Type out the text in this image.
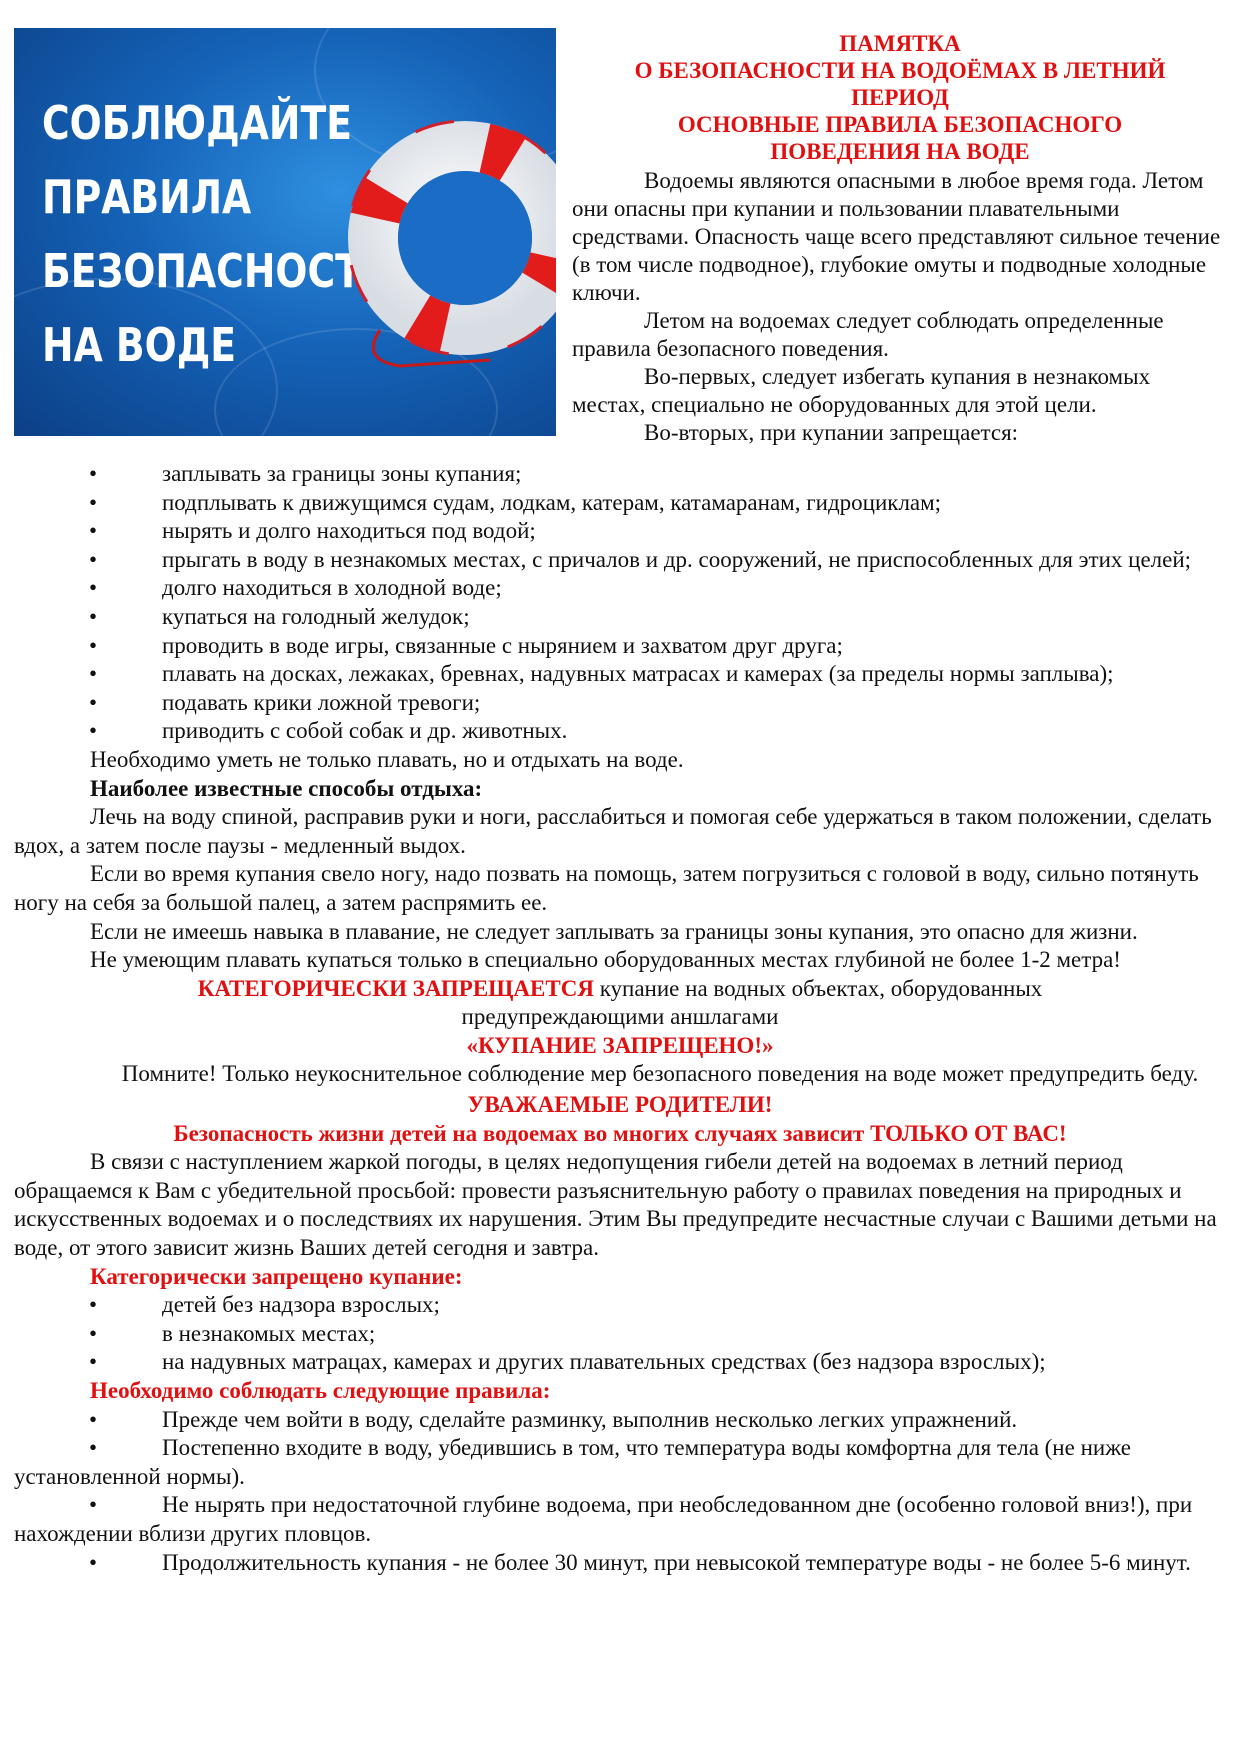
СОБЛЮДАЙТЕ
ПРАВИЛА
БЕЗОПАСНОСТИ
НА ВОДЕ
ПАМЯТКА
О БЕЗОПАСНОСТИ НА ВОДОЁМАХ В ЛЕТНИЙ
ПЕРИОД
ОСНОВНЫЕ ПРАВИЛА БЕЗОПАСНОГО
ПОВЕДЕНИЯ НА ВОДЕ
Водоемы являются опасными в любое время года. Летом они опасны при купании и пользовании плавательными средствами. Опасность чаще всего представляют сильное течение (в том числе подводное), глубокие омуты и подводные холодные ключи.
Летом на водоемах следует соблюдать определенные правила безопасного поведения.
Во-первых, следует избегать купания в незнакомых местах, специально не оборудованных для этой цели.
Во-вторых, при купании запрещается:
•	заплывать за границы зоны купания;
•	подплывать к движущимся судам, лодкам, катерам, катамаранам, гидроциклам;
•	нырять и долго находиться под водой;
•	прыгать в воду в незнакомых местах, с причалов и др. сооружений, не приспособленных для этих целей;
•	долго находиться в холодной воде;
•	купаться на голодный желудок;
•	проводить в воде игры, связанные с нырянием и захватом друг друга;
•	плавать на досках, лежаках, бревнах, надувных матрасах и камерах (за пределы нормы заплыва);
•	подавать крики ложной тревоги;
•	приводить с собой собак и др. животных.

Необходимо уметь не только плавать, но и отдыхать на воде.

Наиболее известные способы отдыха:

Лечь на воду спиной, расправив руки и ноги, расслабиться и помогая себе удержаться в таком положении, сделать вдох, а затем после паузы - медленный выдох.

Если во время купания свело ногу, надо позвать на помощь, затем погрузиться с головой в воду, сильно потянуть ногу на себя за большой палец, а затем распрямить ее.

Если не имеешь навыка в плавание, не следует заплывать за границы зоны купания, это опасно для жизни.

Не умеющим плавать купаться только в специально оборудованных местах глубиной не более 1-2 метра!

КАТЕГОРИЧЕСКИ ЗАПРЕЩАЕТСЯ купание на водных объектах, оборудованных
предупреждающими аншлагами
«КУПАНИЕ ЗАПРЕЩЕНО!»
Помните! Только неукоснительное соблюдение мер безопасного поведения на воде может предупредить беду.
УВАЖАЕМЫЕ РОДИТЕЛИ!
Безопасность жизни детей на водоемах во многих случаях зависит ТОЛЬКО ОТ ВАС!

В связи с наступлением жаркой погоды, в целях недопущения гибели детей на водоемах в летний период обращаемся к Вам с убедительной просьбой: провести разъяснительную работу о правилах поведения на природных и искусственных водоемах и о последствиях их нарушения. Этим Вы предупредите несчастные случаи с Вашими детьми на воде, от этого зависит жизнь Ваших детей сегодня и завтра.

Категорически запрещено купание:

•	детей без надзора взрослых;
•	в незнакомых местах;
•	на надувных матрацах, камерах и других плавательных средствах (без надзора взрослых);

Необходимо соблюдать следующие правила:

•	Прежде чем войти в воду, сделайте разминку, выполнив несколько легких упражнений.
•	Постепенно входите в воду, убедившись в том, что температура воды комфортна для тела (не ниже установленной нормы).
•	Не нырять при недостаточной глубине водоема, при необследованном дне (особенно головой вниз!), при нахождении вблизи других пловцов.
•	Продолжительность купания - не более 30 минут, при невысокой температуре воды - не более 5-6 минут.
